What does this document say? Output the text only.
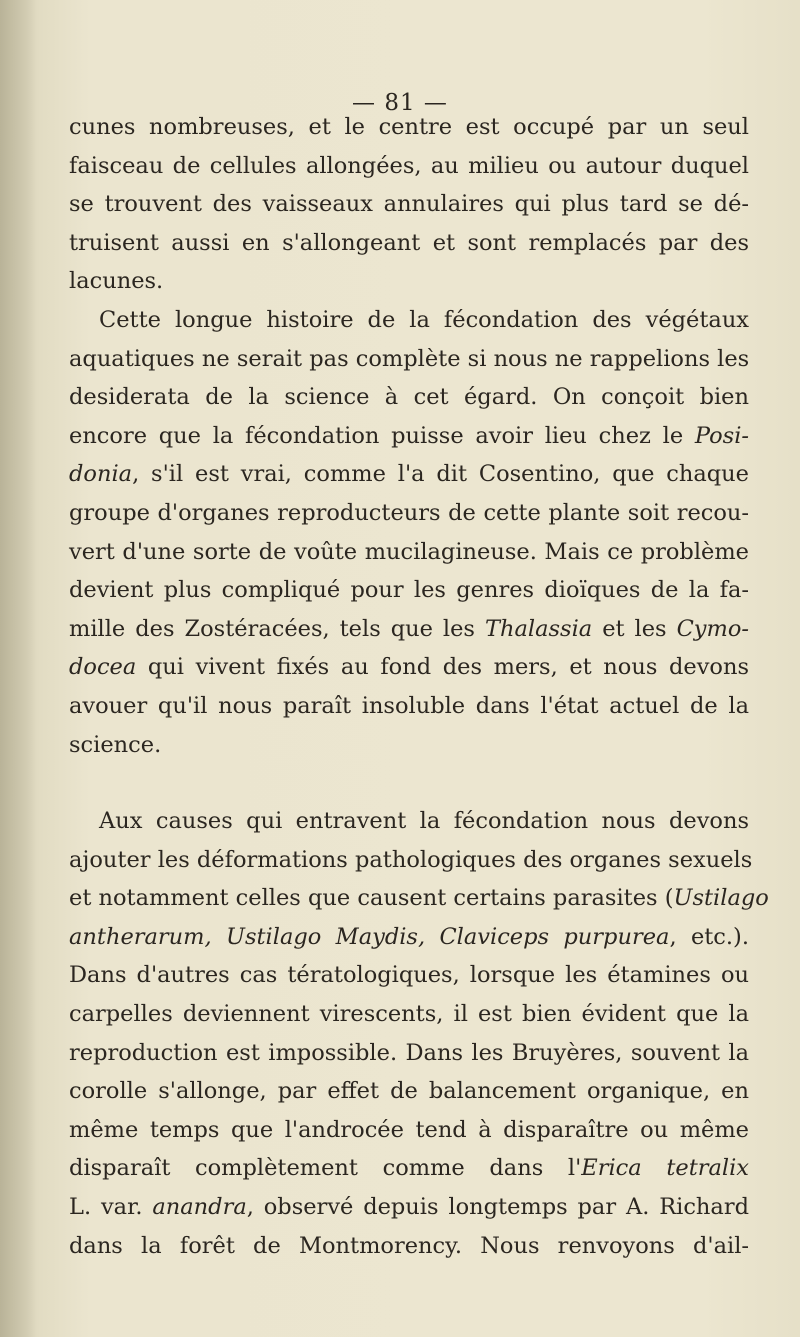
— 81 —
cunes nombreuses, et le centre est occupé par un seul
faisceau de cellules allongées, au milieu ou autour duquel
se trouvent des vaisseaux annulaires qui plus tard se dé-
truisent aussi en s'allongeant et sont remplacés par des
lacunes.
Cette longue histoire de la fécondation des végétaux
aquatiques ne serait pas complète si nous ne rappelions les
desiderata de la science à cet égard. On conçoit bien
encore que la fécondation puisse avoir lieu chez le Posi-
donia, s'il est vrai, comme l'a dit Cosentino, que chaque
groupe d'organes reproducteurs de cette plante soit recou-
vert d'une sorte de voûte mucilagineuse. Mais ce problème
devient plus compliqué pour les genres dioïques de la fa-
mille des Zostéracées, tels que les Thalassia et les Cymo-
docea qui vivent fixés au fond des mers, et nous devons
avouer qu'il nous paraît insoluble dans l'état actuel de la
science.
Aux causes qui entravent la fécondation nous devons
ajouter les déformations pathologiques des organes sexuels
et notamment celles que causent certains parasites (Ustilago
antherarum, Ustilago Maydis, Claviceps purpurea, etc.).
Dans d'autres cas tératologiques, lorsque les étamines ou
carpelles deviennent virescents, il est bien évident que la
reproduction est impossible. Dans les Bruyères, souvent la
corolle s'allonge, par effet de balancement organique, en
même temps que l'androcée tend à disparaître ou même
disparaît complètement comme dans l'Erica tetralix
L. var. anandra, observé depuis longtemps par A. Richard
dans la forêt de Montmorency. Nous renvoyons d'ail-
